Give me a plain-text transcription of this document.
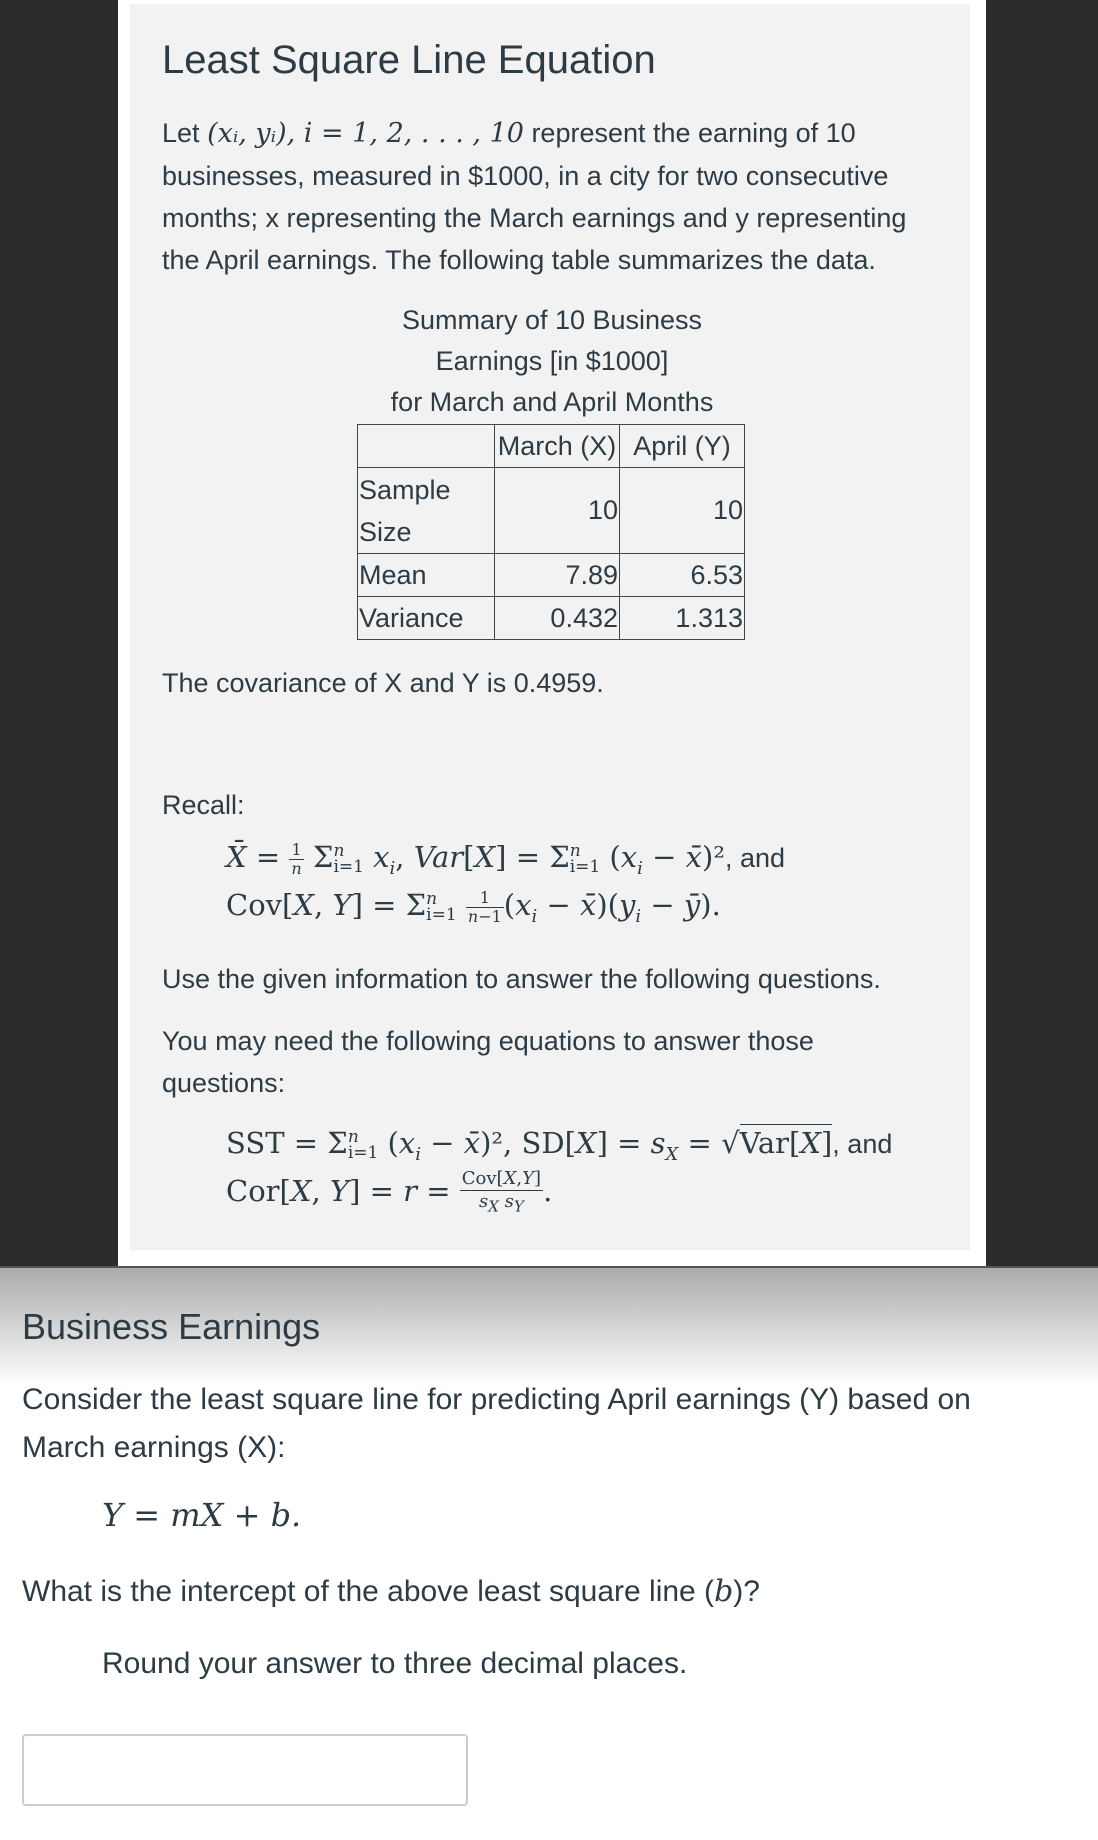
Least Square Line Equation
Let (xᵢ, yᵢ), i = 1, 2, . . . , 10 represent the earning of 10
businesses, measured in $1000, in a city for two consecutive
months; x representing the March earnings and y representing
the April earnings. The following table summarizes the data.
Summary of 10 Business
Earnings [in $1000]
for March and April Months
	March (X)	April (Y)

Sample
Size	10	10
Mean	7.89	6.53
Variance	0.432	1.313
The covariance of X and Y is 0.4959.
Recall:
X̄ = $\frac{1}{n}$ Σ n
i=1 $x_i$, Var[X] = Σ n
i=1 ($x_i$ − x̄)², and
Cov[X, Y] = Σ n
i=1
$\frac{1}{n-1} (x_i$ − $x̄)(y_i$ − ȳ).
Use the given information to answer the following questions.
You may need the following equations to answer those
questions:
SST = Σ n
i=1 ($x_i$ − x̄)², $SD[X] = s_X = √Var[X]$, and
Cor[X, $Y] = r = \frac{\text{Cov[X,Y]}}{s_X s_Y}$ .
Business Earnings
Consider the least square line for predicting April earnings (Y) based on
March earnings (X):
Y = mX + b.
What is the intercept of the above least square line (b)?
Round your answer to three decimal places.
